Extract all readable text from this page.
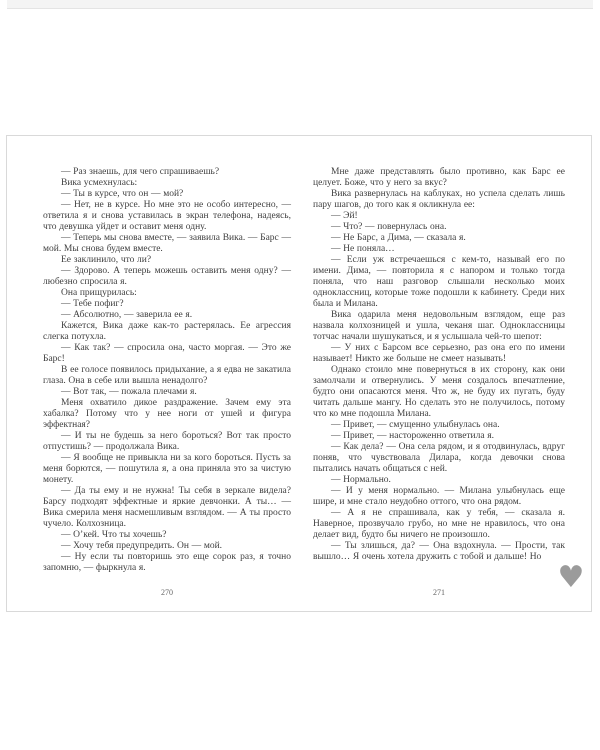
— Раз знаешь, для чего спрашиваешь?

Вика усмехнулась:

— Ты в курсе, что он — мой?

— Нет, не в курсе. Но мне это не особо интересно, — ответила я и снова уставилась в экран телефона, надеясь, что девушка уйдет и оставит меня одну.

— Теперь мы снова вместе, — заявила Вика. — Барс — мой. Мы снова будем вместе.

Ее заклинило, что ли?

— Здорово. А теперь можешь оставить меня одну? — любезно спросила я.

Она прищурилась:

— Тебе пофиг?

— Абсолютно, — заверила ее я.

Кажется, Вика даже как-то растерялась. Ее агрессия слегка потухла.

— Как так? — спросила она, часто моргая. — Это же Барс!

В ее голосе появилось придыхание, а я едва не закатила глаза. Она в себе или вышла ненадолго?

— Вот так, — пожала плечами я.

Меня охватило дикое раздражение. Зачем ему эта хабалка? Потому что у нее ноги от ушей и фигура эффектная?

— И ты не будешь за него бороться? Вот так просто отпустишь? — продолжала Вика.

— Я вообще не привыкла ни за кого бороться. Пусть за меня борются, — пошутила я, а она приняла это за чистую монету.

— Да ты ему и не нужна! Ты себя в зеркале видела? Барсу подходят эффектные и яркие девчонки. А ты… — Вика смерила меня насмешливым взглядом. — А ты просто чучело. Колхозница.

— О’кей. Что ты хочешь?

— Хочу тебя предупредить. Он — мой.

— Ну если ты повторишь это еще сорок раз, я точно запомню, — фыркнула я.

Мне даже представлять было противно, как Барс ее целует. Боже, что у него за вкус?

Вика развернулась на каблуках, но успела сделать лишь пару шагов, до того как я окликнула ее:

— Эй!

— Что? — повернулась она.

— Не Барс, а Дима, — сказала я.

— Не поняла…

— Если уж встречаешься с кем-то, называй его по имени. Дима, — повторила я с напором и только тогда поняла, что наш разговор слышали несколько моих одноклассниц, которые тоже подошли к кабинету. Среди них была и Милана.

Вика одарила меня недовольным взглядом, еще раз назвала колхозницей и ушла, чеканя шаг. Одноклассницы тотчас начали шушукаться, и я услышала чей-то шепот:

— У них с Барсом все серьезно, раз она его по имени называет! Никто же больше не смеет называть!

Однако стоило мне повернуться в их сторону, как они замолчали и отвернулись. У меня создалось впечатление, будто они опасаются меня. Что ж, не буду их пугать, буду читать дальше мангу. Но сделать это не получилось, потому что ко мне подошла Милана.

— Привет, — смущенно улыбнулась она.

— Привет, — настороженно ответила я.

— Как дела? — Она села рядом, и я отодвинулась, вдруг поняв, что чувствовала Дилара, когда девочки снова пытались начать общаться с ней.

— Нормально.

— И у меня нормально. — Милана улыбнулась еще шире, и мне стало неудобно оттого, что она рядом.

— А я не спрашивала, как у тебя, — сказала я. Наверное, прозвучало грубо, но мне не нравилось, что она делает вид, будто бы ничего не произошло.

— Ты злишься, да? — Она вздохнула. — Прости, так вышло… Я очень хотела дружить с тобой и дальше! Но

270	271	♥
